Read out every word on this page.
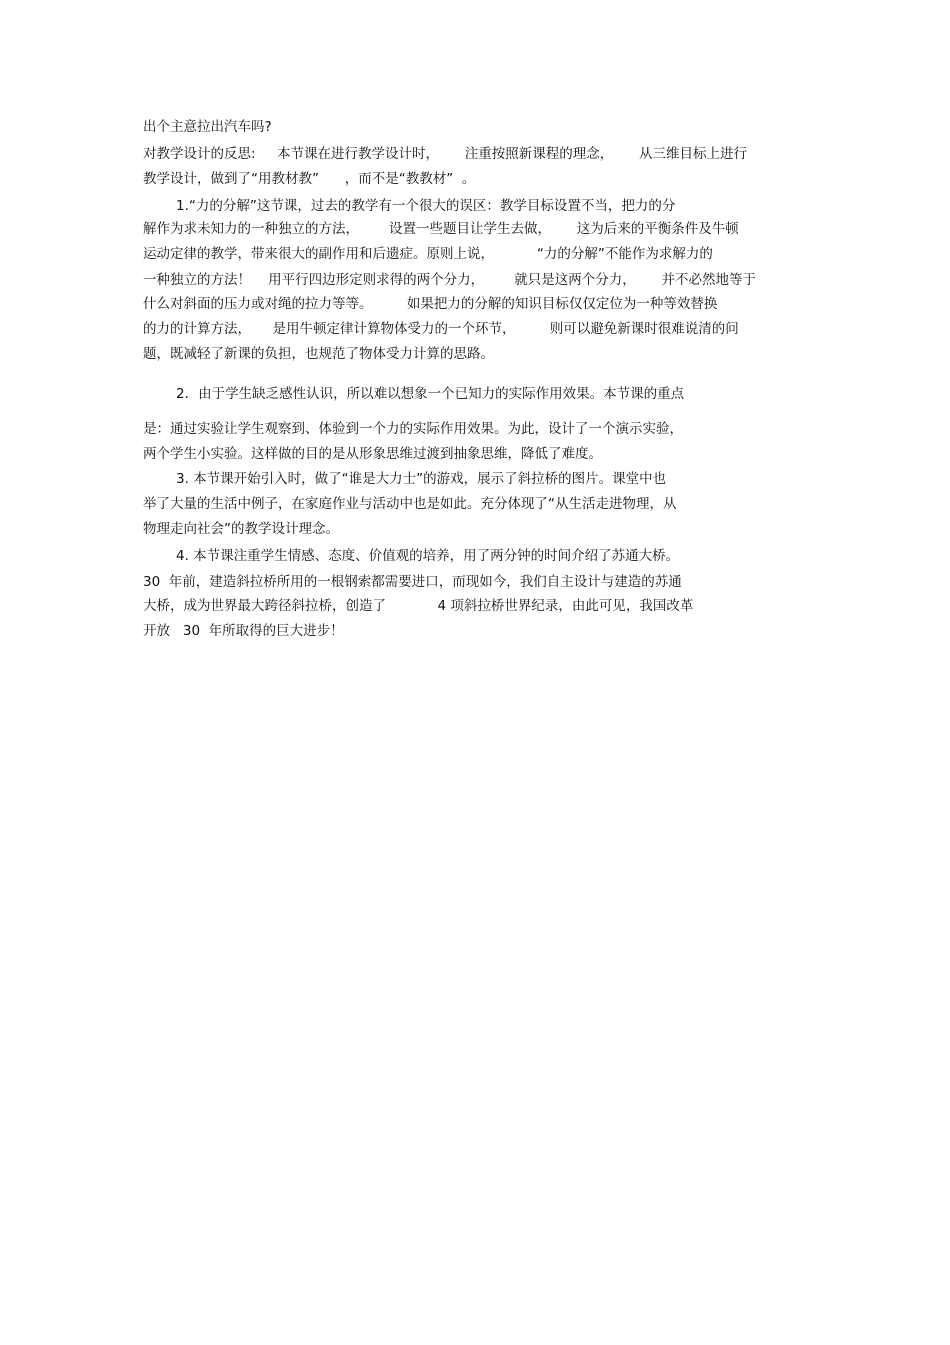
出个主意拉出汽车吗?
对教学设计的反思:     本节课在进行教学设计时，      注重按照新课程的理念，      从三维目标上进行
教学设计，做到了“用教材教”      ，而不是“教教材”  。
1.“力的分解”这节课，过去的教学有一个很大的误区：教学目标设置不当，把力的分
解作为求未知力的一种独立的方法，       设置一些题目让学生去做，      这为后来的平衡条件及牛顿
运动定律的教学，带来很大的副作用和后遗症。原则上说，          “力的分解”不能作为求解力的
一种独立的方法！    用平行四边形定则求得的两个分力，       就只是这两个分力，      并不必然地等于
什么对斜面的压力或对绳的拉力等等。        如果把力的分解的知识目标仅仅定位为一种等效替换
的力的计算方法，     是用牛顿定律计算物体受力的一个环节，        则可以避免新课时很难说清的问
题，既减轻了新课的负担，也规范了物体受力计算的思路。
2．由于学生缺乏感性认识，所以难以想象一个已知力的实际作用效果。本节课的重点
是：通过实验让学生观察到、体验到一个力的实际作用效果。为此，设计了一个演示实验，
两个学生小实验。这样做的目的是从形象思维过渡到抽象思维，降低了难度。
3. 本节课开始引入时，做了“谁是大力士”的游戏，展示了斜拉桥的图片。课堂中也
举了大量的生活中例子，在家庭作业与活动中也是如此。充分体现了“从生活走进物理，从
物理走向社会”的教学设计理念。
4. 本节课注重学生情感、态度、价值观的培养，用了两分钟的时间介绍了苏通大桥。
30  年前，建造斜拉桥所用的一根钢索都需要进口，而现如今，我们自主设计与建造的苏通
大桥，成为世界最大跨径斜拉桥，创造了            4 项斜拉桥世界纪录，由此可见，我国改革
开放   30  年所取得的巨大进步！
